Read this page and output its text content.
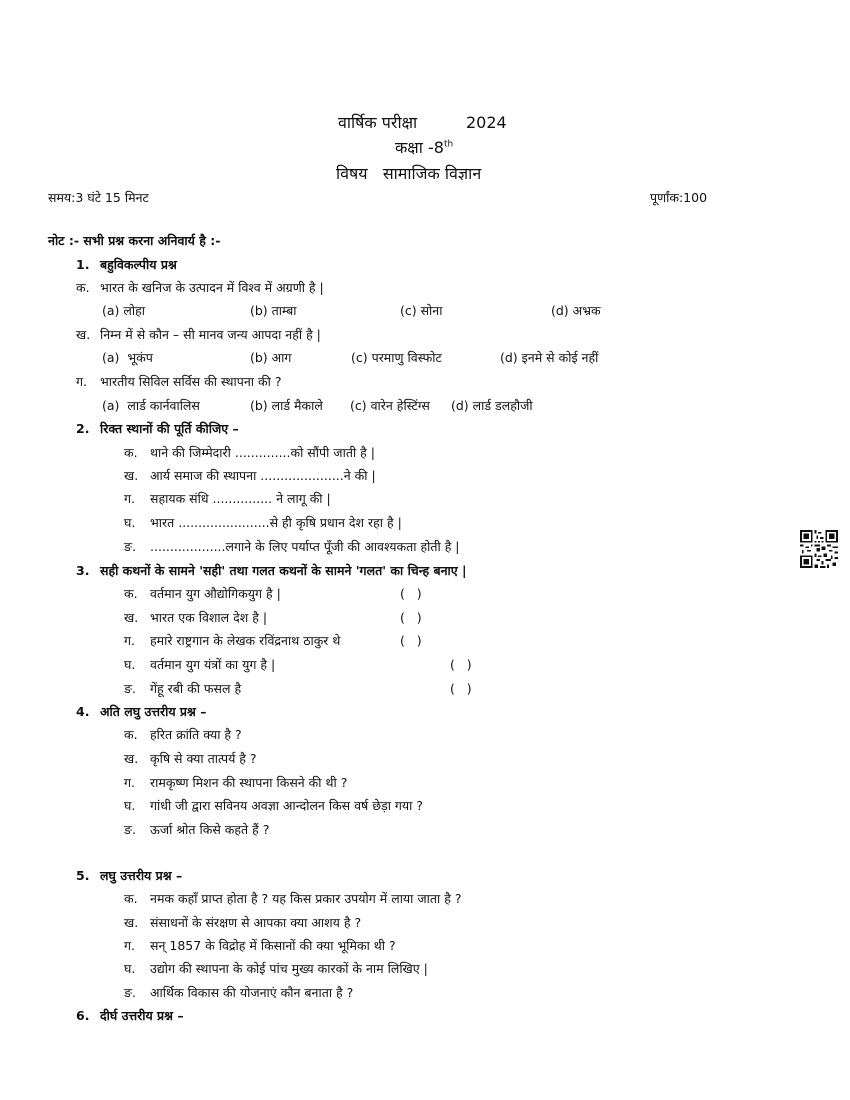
वार्षिक परीक्षा	2024
कक्षा -8th
विषय   सामाजिक विज्ञान
समय:3 घंटे 15 मिनट	पूर्णांक:100
नोट :- सभी प्रश्न करना अनिवार्य है :-
1. बहुविकल्पीय प्रश्न
क. भारत के खनिज के उत्पादन में विश्व में अग्रणी है |
(a) लोहा	(b) ताम्बा	(c) सोना	(d) अभ्रक
ख. निम्न में से कौन – सी मानव जन्य आपदा नहीं है |
(a)  भूकंप	(b) आग	(c) परमाणु विस्फोट	(d) इनमे से कोई नहीं
ग. भारतीय सिविल सर्विस की स्थापना की ?
(a)  लार्ड कार्नवालिस	(b) लार्ड मैकाले (c) वारेन हेस्टिंग्स (d) लार्ड डलहौजी
2. रिक्त स्थानों की पूर्ति कीजिए –
क. थाने की जिम्मेदारी ..............को सौंपी जाती है |
ख. आर्य समाज की स्थापना .....................ने की |
ग. सहायक संधि ............... ने लागू की |
घ. भारत .......................से ही कृषि प्रधान देश रहा है |
ङ. ...................लगाने के लिए पर्याप्त पूँजी की आवश्यकता होती है |
3. सही कथनों के सामने 'सही' तथा गलत कथनों के सामने 'गलत' का चिन्ह बनाए |
क. वर्तमान युग औद्योगिकयुग है |	(   )
ख. भारत एक विशाल देश है |	(   )
ग. हमारे राष्ट्रगान के लेखक रविंद्रनाथ ठाकुर थे	(   )
घ. वर्तमान युग यंत्रों का युग है |	(   )
ङ. गेंहू रबी की फसल है	(   )
4. अति लघु उत्तरीय प्रश्न –
क. हरित क्रांति क्या है ?
ख. कृषि से क्या तात्पर्य है ?
ग. रामकृष्ण मिशन की स्थापना किसने की थी ?
घ. गांधी जी द्वारा सविनय अवज्ञा आन्दोलन किस वर्ष छेड़ा गया ?
ङ. ऊर्जा श्रोत किसे कहते हैं ?
5. लघु उत्तरीय प्रश्न –
क. नमक कहाँ प्राप्त होता है ? यह किस प्रकार उपयोग में लाया जाता है ?
ख. संसाधनों के संरक्षण से आपका क्या आशय है ?
ग. सन् 1857 के विद्रोह में किसानों की क्या भूमिका थी ?
घ. उद्योग की स्थापना के कोई पांच मुख्य कारकों के नाम लिखिए |
ङ. आर्थिक विकास की योजनाएं कौन बनाता है ?
6. दीर्घ उत्तरीय प्रश्न –
